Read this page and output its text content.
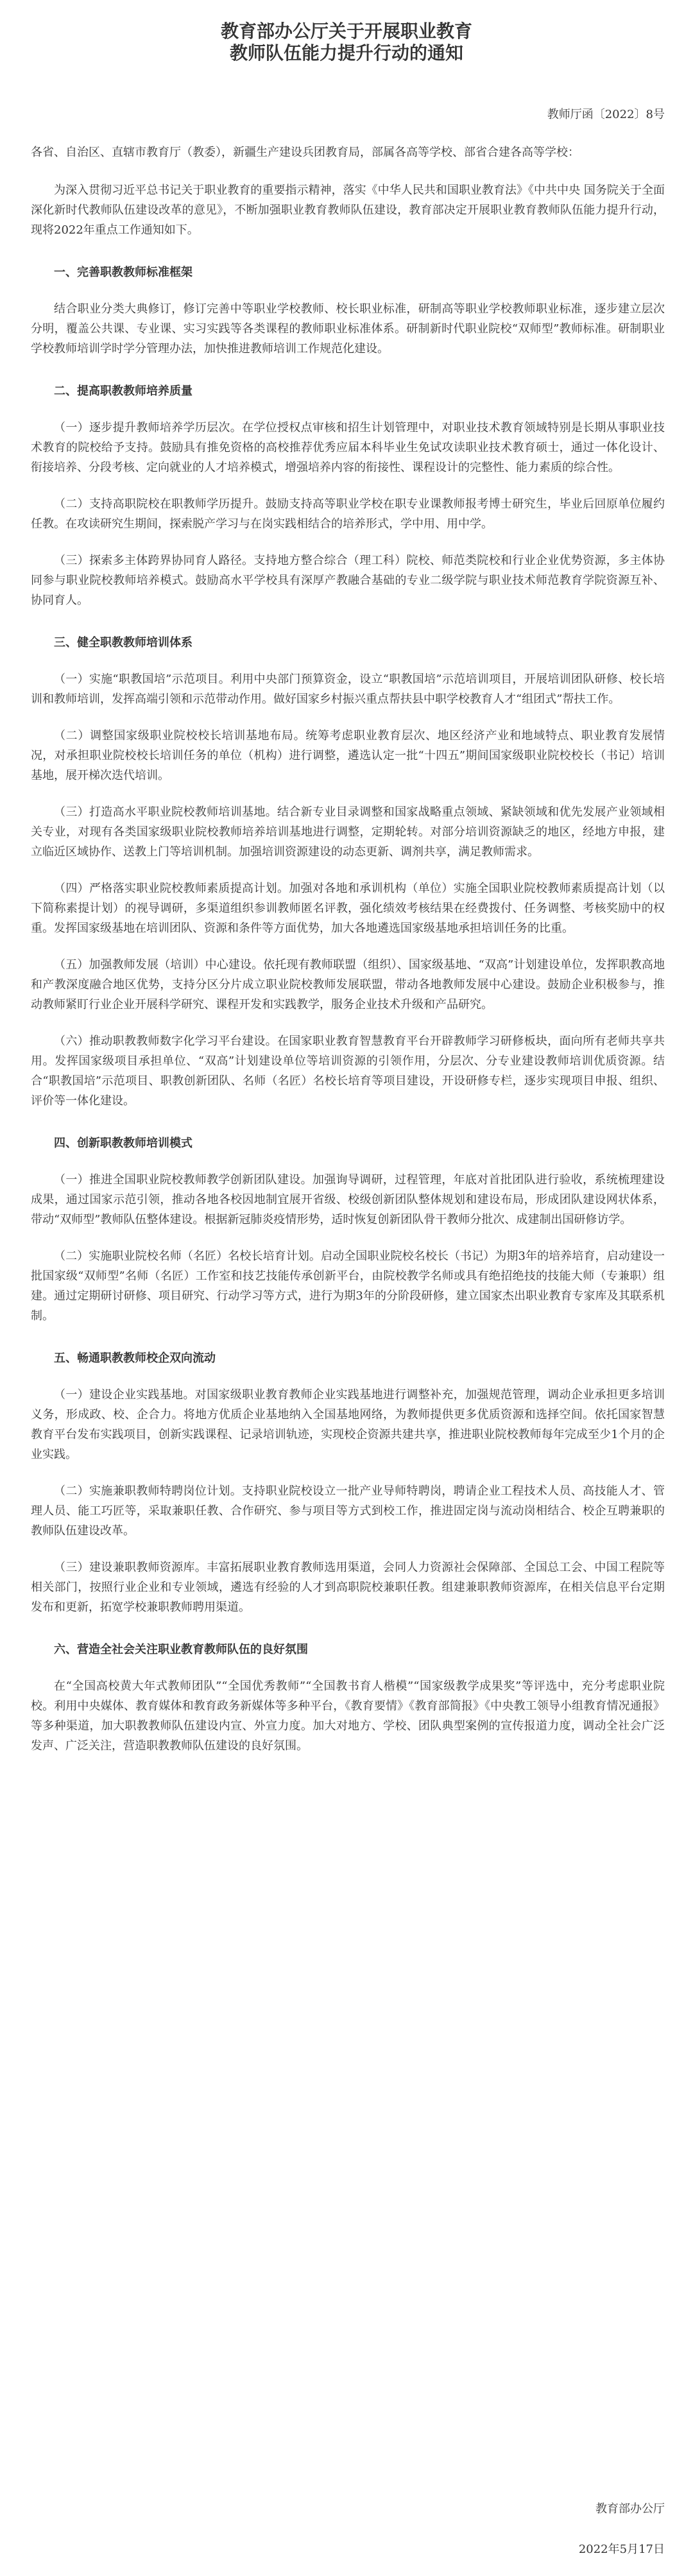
教育部办公厅关于开展职业教育
教师队伍能力提升行动的通知
教师厅函〔2022〕8号

各省、自治区、直辖市教育厅（教委），新疆生产建设兵团教育局，部属各高等学校、部省合建各高等学校：

为深入贯彻习近平总书记关于职业教育的重要指示精神，落实《中华人民共和国职业教育法》《中共中央 国务院关于全面深化新时代教师队伍建设改革的意见》，不断加强职业教育教师队伍建设，教育部决定开展职业教育教师队伍能力提升行动，现将2022年重点工作通知如下。

一、完善职教教师标准框架

结合职业分类大典修订，修订完善中等职业学校教师、校长职业标准，研制高等职业学校教师职业标准，逐步建立层次分明，覆盖公共课、专业课、实习实践等各类课程的教师职业标准体系。研制新时代职业院校“双师型”教师标准。研制职业学校教师培训学时学分管理办法，加快推进教师培训工作规范化建设。

二、提高职教教师培养质量

（一）逐步提升教师培养学历层次。在学位授权点审核和招生计划管理中，对职业技术教育领域特别是长期从事职业技术教育的院校给予支持。鼓励具有推免资格的高校推荐优秀应届本科毕业生免试攻读职业技术教育硕士，通过一体化设计、衔接培养、分段考核、定向就业的人才培养模式，增强培养内容的衔接性、课程设计的完整性、能力素质的综合性。

（二）支持高职院校在职教师学历提升。鼓励支持高等职业学校在职专业课教师报考博士研究生，毕业后回原单位履约任教。在攻读研究生期间，探索脱产学习与在岗实践相结合的培养形式，学中用、用中学。

（三）探索多主体跨界协同育人路径。支持地方整合综合（理工科）院校、师范类院校和行业企业优势资源，多主体协同参与职业院校教师培养模式。鼓励高水平学校具有深厚产教融合基础的专业二级学院与职业技术师范教育学院资源互补、协同育人。

三、健全职教教师培训体系

（一）实施“职教国培”示范项目。利用中央部门预算资金，设立“职教国培”示范培训项目，开展培训团队研修、校长培训和教师培训，发挥高端引领和示范带动作用。做好国家乡村振兴重点帮扶县中职学校教育人才“组团式”帮扶工作。

（二）调整国家级职业院校校长培训基地布局。统筹考虑职业教育层次、地区经济产业和地域特点、职业教育发展情况，对承担职业院校校长培训任务的单位（机构）进行调整，遴选认定一批“十四五”期间国家级职业院校校长（书记）培训基地，展开梯次迭代培训。

（三）打造高水平职业院校教师培训基地。结合新专业目录调整和国家战略重点领域、紧缺领域和优先发展产业领域相关专业，对现有各类国家级职业院校教师培养培训基地进行调整，定期轮转。对部分培训资源缺乏的地区，经地方申报，建立临近区域协作、送教上门等培训机制。加强培训资源建设的动态更新、调剂共享，满足教师需求。

（四）严格落实职业院校教师素质提高计划。加强对各地和承训机构（单位）实施全国职业院校教师素质提高计划（以下简称素提计划）的视导调研，多渠道组织参训教师匿名评教，强化绩效考核结果在经费拨付、任务调整、考核奖励中的权重。发挥国家级基地在培训团队、资源和条件等方面优势，加大各地遴选国家级基地承担培训任务的比重。

（五）加强教师发展（培训）中心建设。依托现有教师联盟（组织）、国家级基地、“双高”计划建设单位，发挥职教高地和产教深度融合地区优势，支持分区分片成立职业院校教师发展联盟，带动各地教师发展中心建设。鼓励企业积极参与，推动教师紧盯行业企业开展科学研究、课程开发和实践教学，服务企业技术升级和产品研究。

（六）推动职教教师数字化学习平台建设。在国家职业教育智慧教育平台开辟教师学习研修板块，面向所有老师共享共用。发挥国家级项目承担单位、“双高”计划建设单位等培训资源的引领作用，分层次、分专业建设教师培训优质资源。结合“职教国培”示范项目、职教创新团队、名师（名匠）名校长培育等项目建设，开设研修专栏，逐步实现项目申报、组织、评价等一体化建设。

四、创新职教教师培训模式

（一）推进全国职业院校教师教学创新团队建设。加强询导调研，过程管理，年底对首批团队进行验收，系统梳理建设成果，通过国家示范引领，推动各地各校因地制宜展开省级、校级创新团队整体规划和建设布局，形成团队建设网状体系，带动“双师型”教师队伍整体建设。根据新冠肺炎疫情形势，适时恢复创新团队骨干教师分批次、成建制出国研修访学。

（二）实施职业院校名师（名匠）名校长培育计划。启动全国职业院校名校长（书记）为期3年的培养培育，启动建设一批国家级“双师型”名师（名匠）工作室和技艺技能传承创新平台，由院校教学名师或具有绝招绝技的技能大师（专兼职）组建。通过定期研讨研修、项目研究、行动学习等方式，进行为期3年的分阶段研修，建立国家杰出职业教育专家库及其联系机制。

五、畅通职教教师校企双向流动

（一）建设企业实践基地。对国家级职业教育教师企业实践基地进行调整补充，加强规范管理，调动企业承担更多培训义务，形成政、校、企合力。将地方优质企业基地纳入全国基地网络，为教师提供更多优质资源和选择空间。依托国家智慧教育平台发布实践项目，创新实践课程、记录培训轨迹，实现校企资源共建共享，推进职业院校教师每年完成至少1个月的企业实践。

（二）实施兼职教师特聘岗位计划。支持职业院校设立一批产业导师特聘岗，聘请企业工程技术人员、高技能人才、管理人员、能工巧匠等，采取兼职任教、合作研究、参与项目等方式到校工作，推进固定岗与流动岗相结合、校企互聘兼职的教师队伍建设改革。

（三）建设兼职教师资源库。丰富拓展职业教育教师选用渠道，会同人力资源社会保障部、全国总工会、中国工程院等相关部门，按照行业企业和专业领域，遴选有经验的人才到高职院校兼职任教。组建兼职教师资源库，在相关信息平台定期发布和更新，拓宽学校兼职教师聘用渠道。

六、营造全社会关注职业教育教师队伍的良好氛围

在“全国高校黄大年式教师团队”“全国优秀教师”“全国教书育人楷模”“国家级教学成果奖”等评选中，充分考虑职业院校。利用中央媒体、教育媒体和教育政务新媒体等多种平台，《教育要情》《教育部简报》《中央教工领导小组教育情况通报》等多种渠道，加大职教教师队伍建设内宣、外宣力度。加大对地方、学校、团队典型案例的宣传报道力度，调动全社会广泛发声、广泛关注，营造职教教师队伍建设的良好氛围。

教育部办公厅
2022年5月17日
